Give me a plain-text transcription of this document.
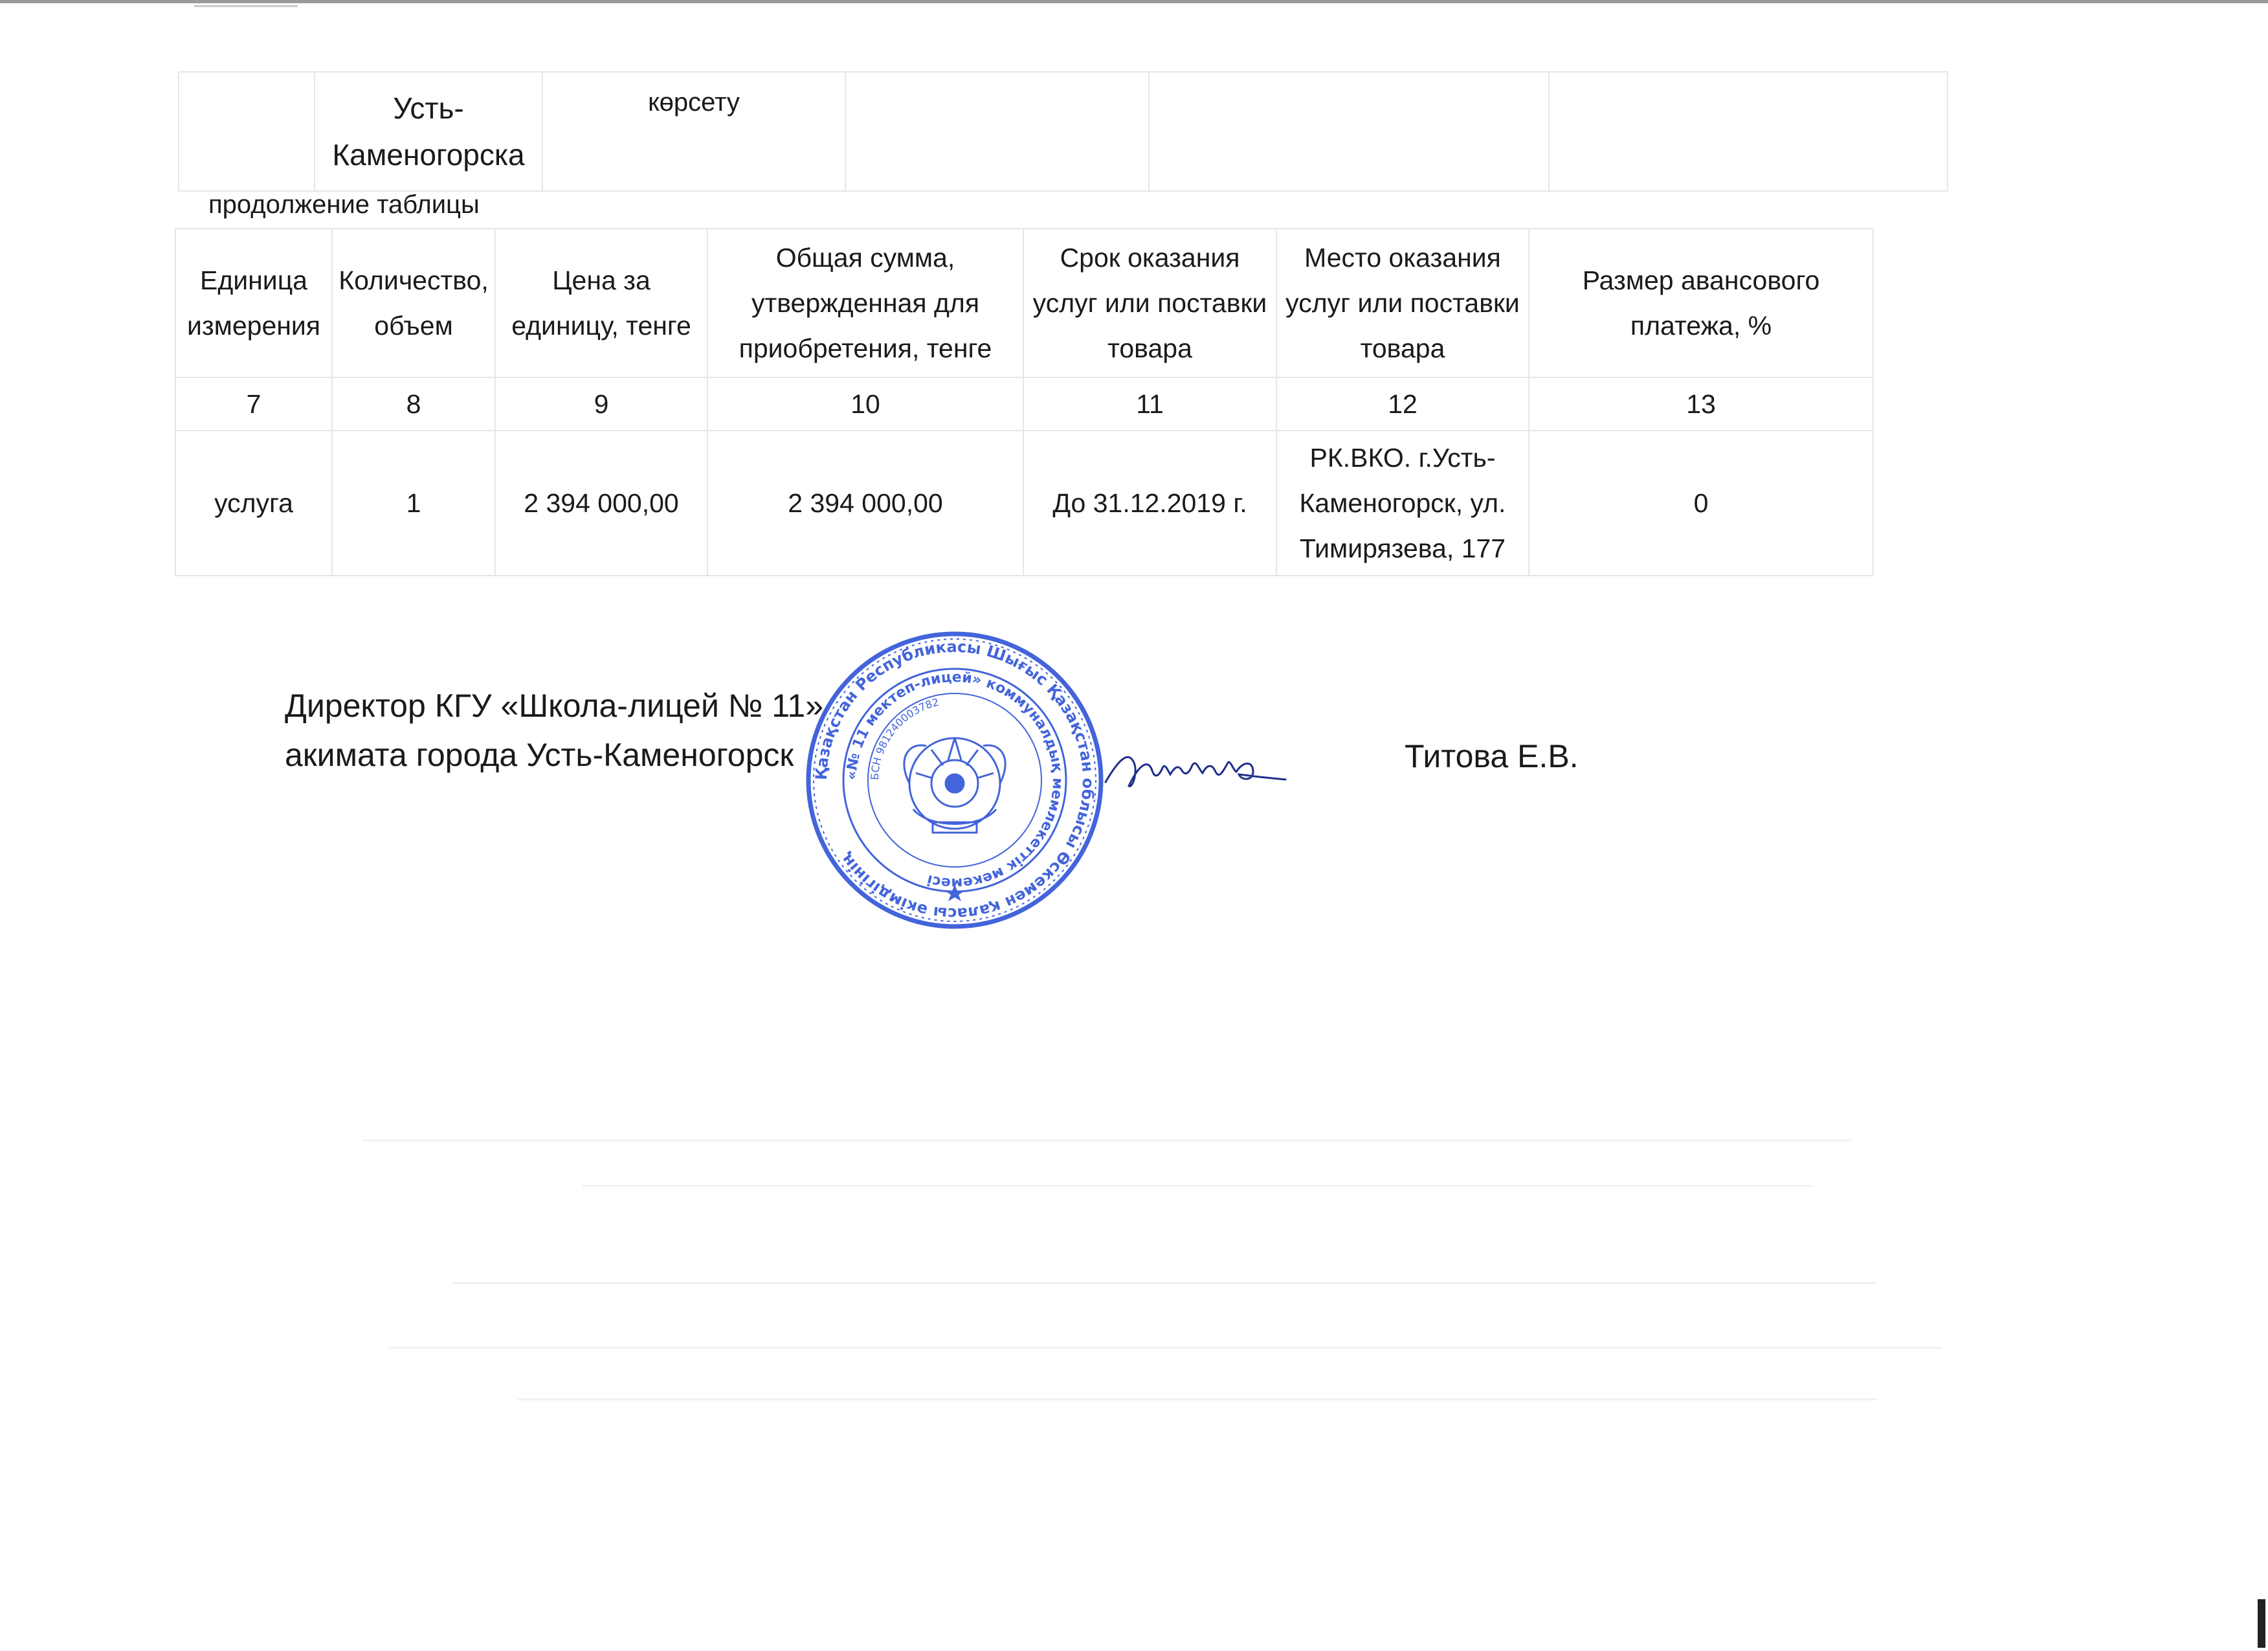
	Усть-Каменогорска	көрсету			
продолжение таблицы
Единица измерения	Количество, объем	Цена за единицу, тенге	Общая сумма, утвержденная для приобретения, тенге	Срок оказания услуг или поставки товара	Место оказания услуг или поставки товара	Размер авансового платежа, %
7	8	9	10	11	12	13
услуга	1	2 394 000,00	2 394 000,00	До 31.12.2019 г.	РК.ВКО. г.Усть-Каменогорск, ул. Тимирязева, 177	0
Директор КГУ «Школа-лицей № 11»
акимата города Усть-Каменогорск	Титова Е.В.
Қазақстан Республикасы Шығыс Қазақстан облысы Өскемен қаласы әкімдігінің
«№ 11 мектеп-лицей» коммуналдық мемлекеттік мекемесі
БСН 981240003782
